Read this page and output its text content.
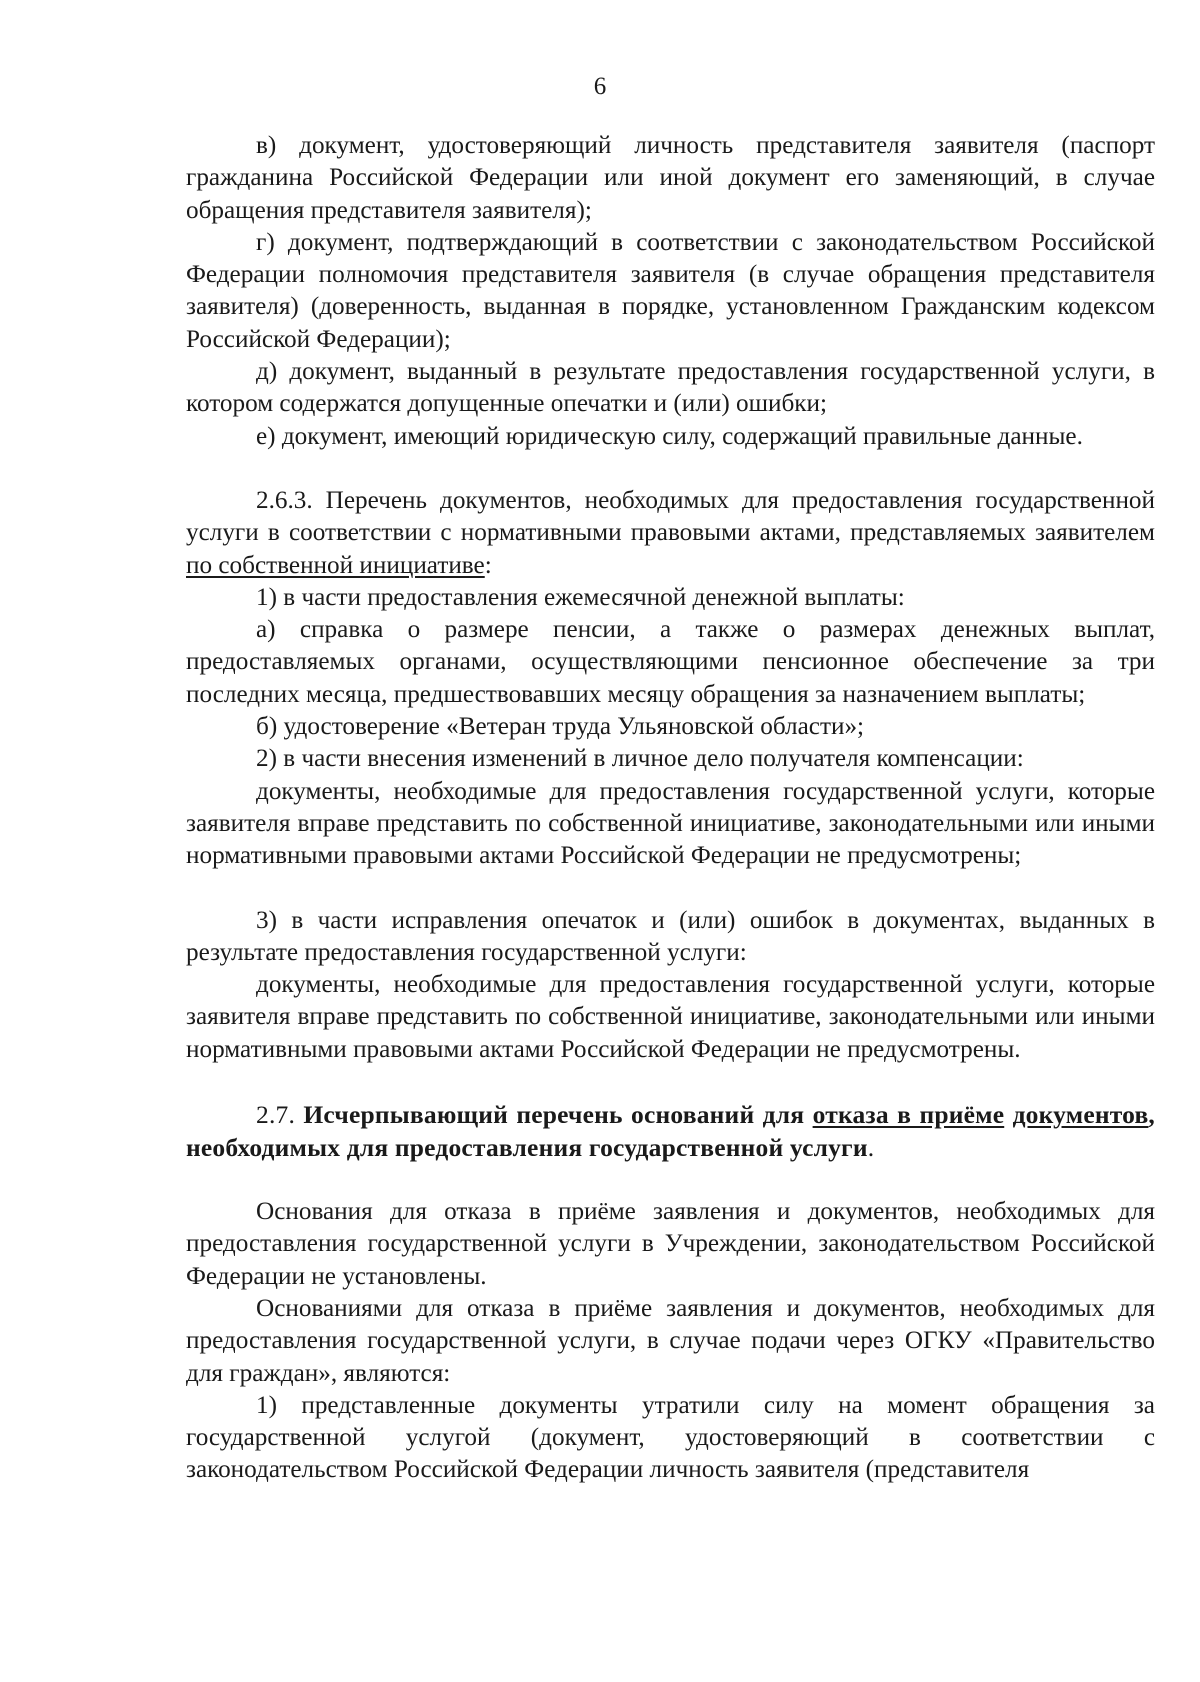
6

в) документ, удостоверяющий личность представителя заявителя (паспорт гражданина Российской Федерации или иной документ его заменяющий, в случае обращения представителя заявителя);

г) документ, подтверждающий в соответствии с законодательством Российской Федерации полномочия представителя заявителя (в случае обращения представителя заявителя) (доверенность, выданная в порядке, установленном Гражданским кодексом Российской Федерации);

д) документ, выданный в результате предоставления государственной услуги, в котором содержатся допущенные опечатки и (или) ошибки;

е) документ, имеющий юридическую силу, содержащий правильные данные.

2.6.3. Перечень документов, необходимых для предоставления государственной услуги в соответствии с нормативными правовыми актами, представляемых заявителем по собственной инициативе:

1) в части предоставления ежемесячной денежной выплаты:

а) справка о размере пенсии, а также о размерах денежных выплат, предоставляемых органами, осуществляющими пенсионное обеспечение за три последних месяца, предшествовавших месяцу обращения за назначением выплаты;

б) удостоверение «Ветеран труда Ульяновской области»;

2) в части внесения изменений в личное дело получателя компенсации:

документы, необходимые для предоставления государственной услуги, которые заявителя вправе представить по собственной инициативе, законодательными или иными нормативными правовыми актами Российской Федерации не предусмотрены;

3) в части исправления опечаток и (или) ошибок в документах, выданных в результате предоставления государственной услуги:

документы, необходимые для предоставления государственной услуги, которые заявителя вправе представить по собственной инициативе, законодательными или иными нормативными правовыми актами Российской Федерации не предусмотрены.

2.7. Исчерпывающий перечень оснований для отказа в приёме документов, необходимых для предоставления государственной услуги.

Основания для отказа в приёме заявления и документов, необходимых для предоставления государственной услуги в Учреждении, законодательством Российской Федерации не установлены.

Основаниями для отказа в приёме заявления и документов, необходимых для предоставления государственной услуги, в случае подачи через ОГКУ «Правительство для граждан», являются:

1) представленные документы утратили силу на момент обращения за государственной услугой (документ, удостоверяющий в соответствии с законодательством Российской Федерации личность заявителя (представителя
